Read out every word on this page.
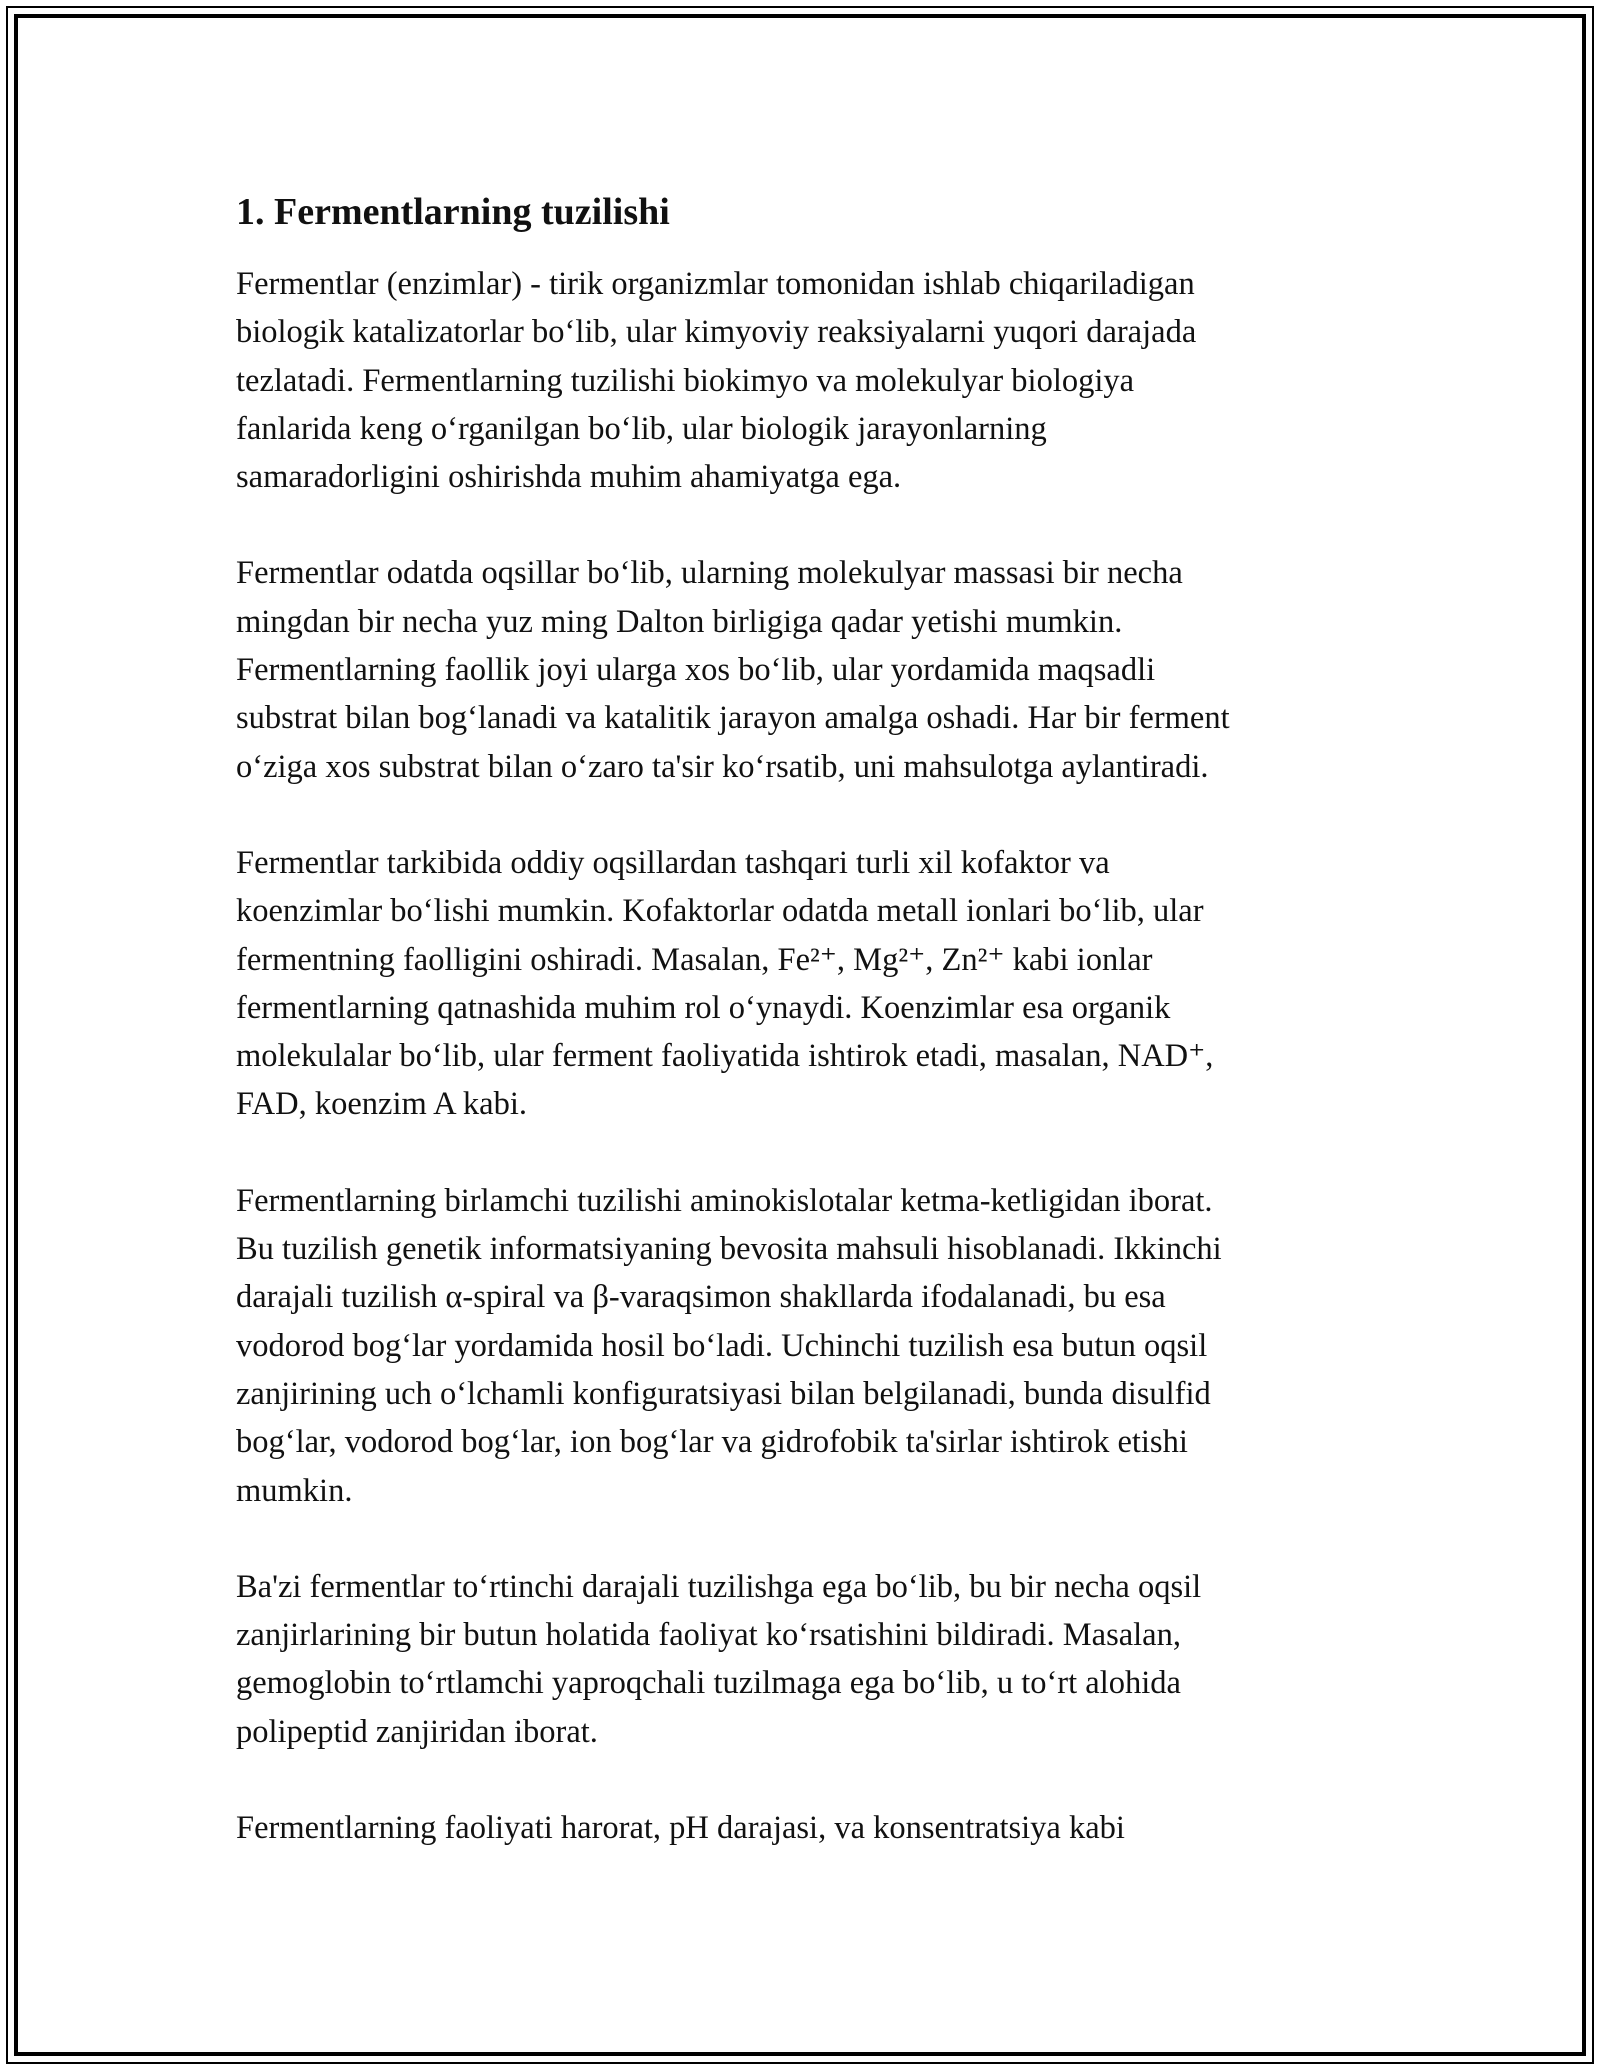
1. Fermentlarning tuzilishi

Fermentlar (enzimlar) - tirik organizmlar tomonidan ishlab chiqariladigan
biologik katalizatorlar bo‘lib, ular kimyoviy reaksiyalarni yuqori darajada
tezlatadi. Fermentlarning tuzilishi biokimyo va molekulyar biologiya
fanlarida keng o‘rganilgan bo‘lib, ular biologik jarayonlarning
samaradorligini oshirishda muhim ahamiyatga ega.

Fermentlar odatda oqsillar bo‘lib, ularning molekulyar massasi bir necha
mingdan bir necha yuz ming Dalton birligiga qadar yetishi mumkin.
Fermentlarning faollik joyi ularga xos bo‘lib, ular yordamida maqsadli
substrat bilan bog‘lanadi va katalitik jarayon amalga oshadi. Har bir ferment
o‘ziga xos substrat bilan o‘zaro ta'sir ko‘rsatib, uni mahsulotga aylantiradi.

Fermentlar tarkibida oddiy oqsillardan tashqari turli xil kofaktor va
koenzimlar bo‘lishi mumkin. Kofaktorlar odatda metall ionlari bo‘lib, ular
fermentning faolligini oshiradi. Masalan, Fe²⁺, Mg²⁺, Zn²⁺ kabi ionlar
fermentlarning qatnashida muhim rol o‘ynaydi. Koenzimlar esa organik
molekulalar bo‘lib, ular ferment faoliyatida ishtirok etadi, masalan, NAD⁺,
FAD, koenzim A kabi.

Fermentlarning birlamchi tuzilishi aminokislotalar ketma-ketligidan iborat.
Bu tuzilish genetik informatsiyaning bevosita mahsuli hisoblanadi. Ikkinchi
darajali tuzilish α-spiral va β-varaqsimon shakllarda ifodalanadi, bu esa
vodorod bog‘lar yordamida hosil bo‘ladi. Uchinchi tuzilish esa butun oqsil
zanjirining uch o‘lchamli konfiguratsiyasi bilan belgilanadi, bunda disulfid
bog‘lar, vodorod bog‘lar, ion bog‘lar va gidrofobik ta'sirlar ishtirok etishi
mumkin.

Ba'zi fermentlar to‘rtinchi darajali tuzilishga ega bo‘lib, bu bir necha oqsil
zanjirlarining bir butun holatida faoliyat ko‘rsatishini bildiradi. Masalan,
gemoglobin to‘rtlamchi yaproqchali tuzilmaga ega bo‘lib, u to‘rt alohida
polipeptid zanjiridan iborat.

Fermentlarning faoliyati harorat, pH darajasi, va konsentratsiya kabi
